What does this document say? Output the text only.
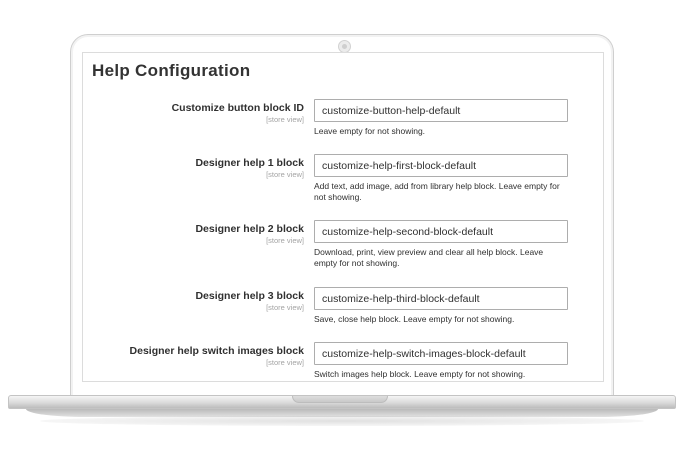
Help Configuration
Customize button block ID
[store view]
customize-button-help-default
Leave empty for not showing.
Designer help 1 block
[store view]
customize-help-first-block-default
Add text, add image, add from library help block. Leave empty for not showing.
Designer help 2 block
[store view]
customize-help-second-block-default
Download, print, view preview and clear all help block. Leave empty for not showing.
Designer help 3 block
[store view]
customize-help-third-block-default
Save, close help block. Leave empty for not showing.
Designer help switch images block
[store view]
customize-help-switch-images-block-default
Switch images help block. Leave empty for not showing.
